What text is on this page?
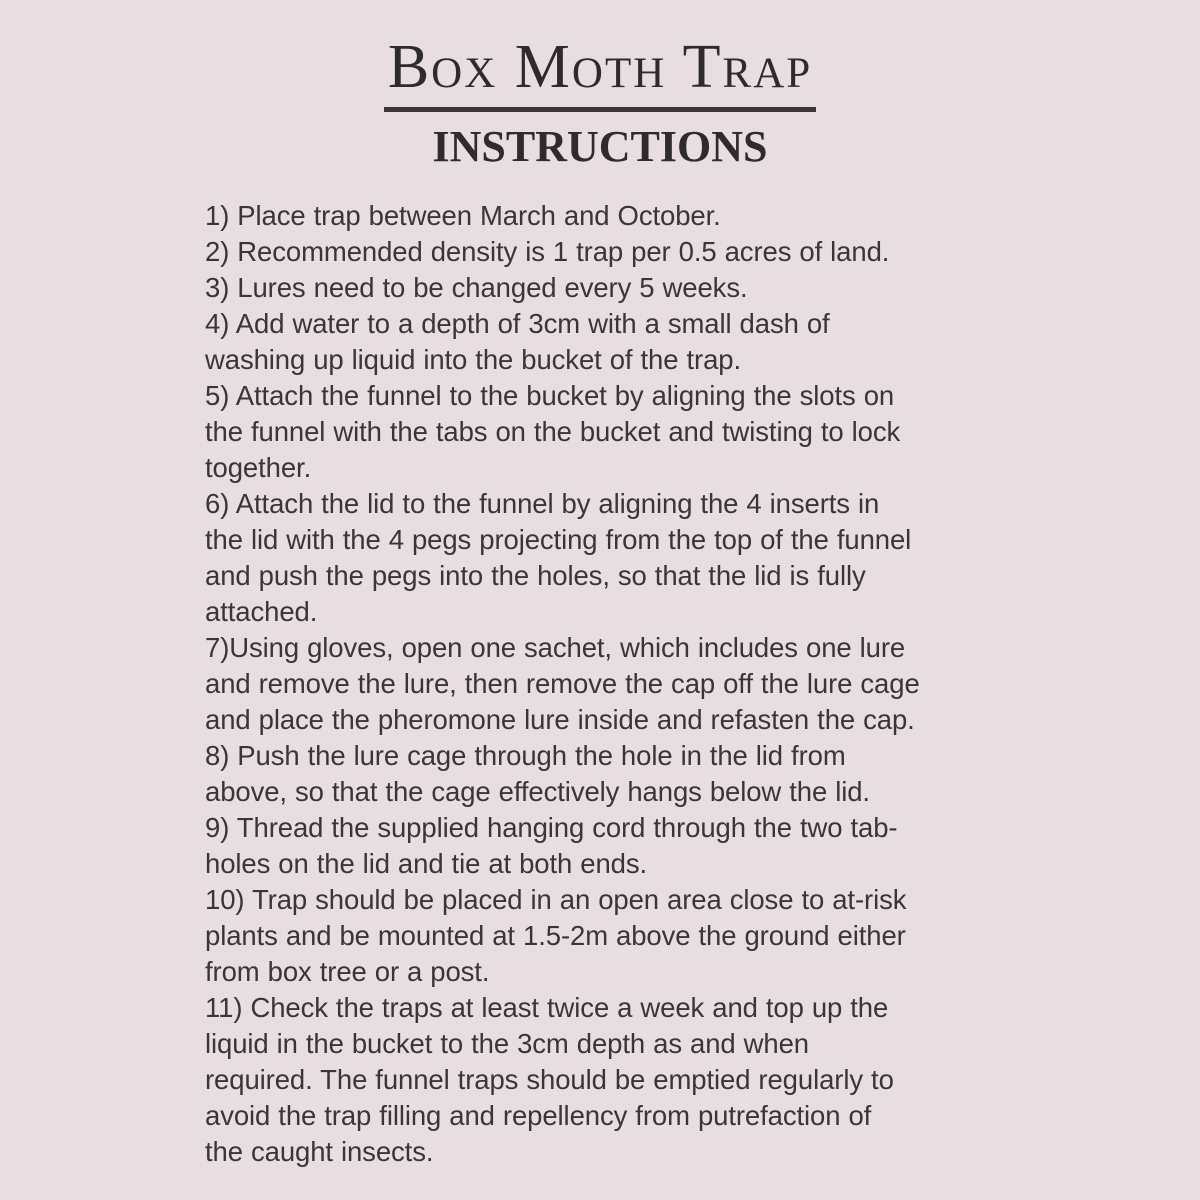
Box Moth Trap
INSTRUCTIONS
1) Place trap between March and October.
2) Recommended density is 1 trap per 0.5 acres of land.
3) Lures need to be changed every 5 weeks.
4) Add water to a depth of 3cm with a small dash of
washing up liquid into the bucket of the trap.
5) Attach the funnel to the bucket by aligning the slots on
the funnel with the tabs on the bucket and twisting to lock
together.
6) Attach the lid to the funnel by aligning the 4 inserts in
the lid with the 4 pegs projecting from the top of the funnel
and push the pegs into the holes, so that the lid is fully
attached.
7)Using gloves, open one sachet, which includes one lure
and remove the lure, then remove the cap off the lure cage
and place the pheromone lure inside and refasten the cap.
8) Push the lure cage through the hole in the lid from
above, so that the cage effectively hangs below the lid.
9) Thread the supplied hanging cord through the two tab-
holes on the lid and tie at both ends.
10) Trap should be placed in an open area close to at-risk
plants and be mounted at 1.5-2m above the ground either
from box tree or a post.
11) Check the traps at least twice a week and top up the
liquid in the bucket to the 3cm depth as and when
required. The funnel traps should be emptied regularly to
avoid the trap filling and repellency from putrefaction of
the caught insects.
